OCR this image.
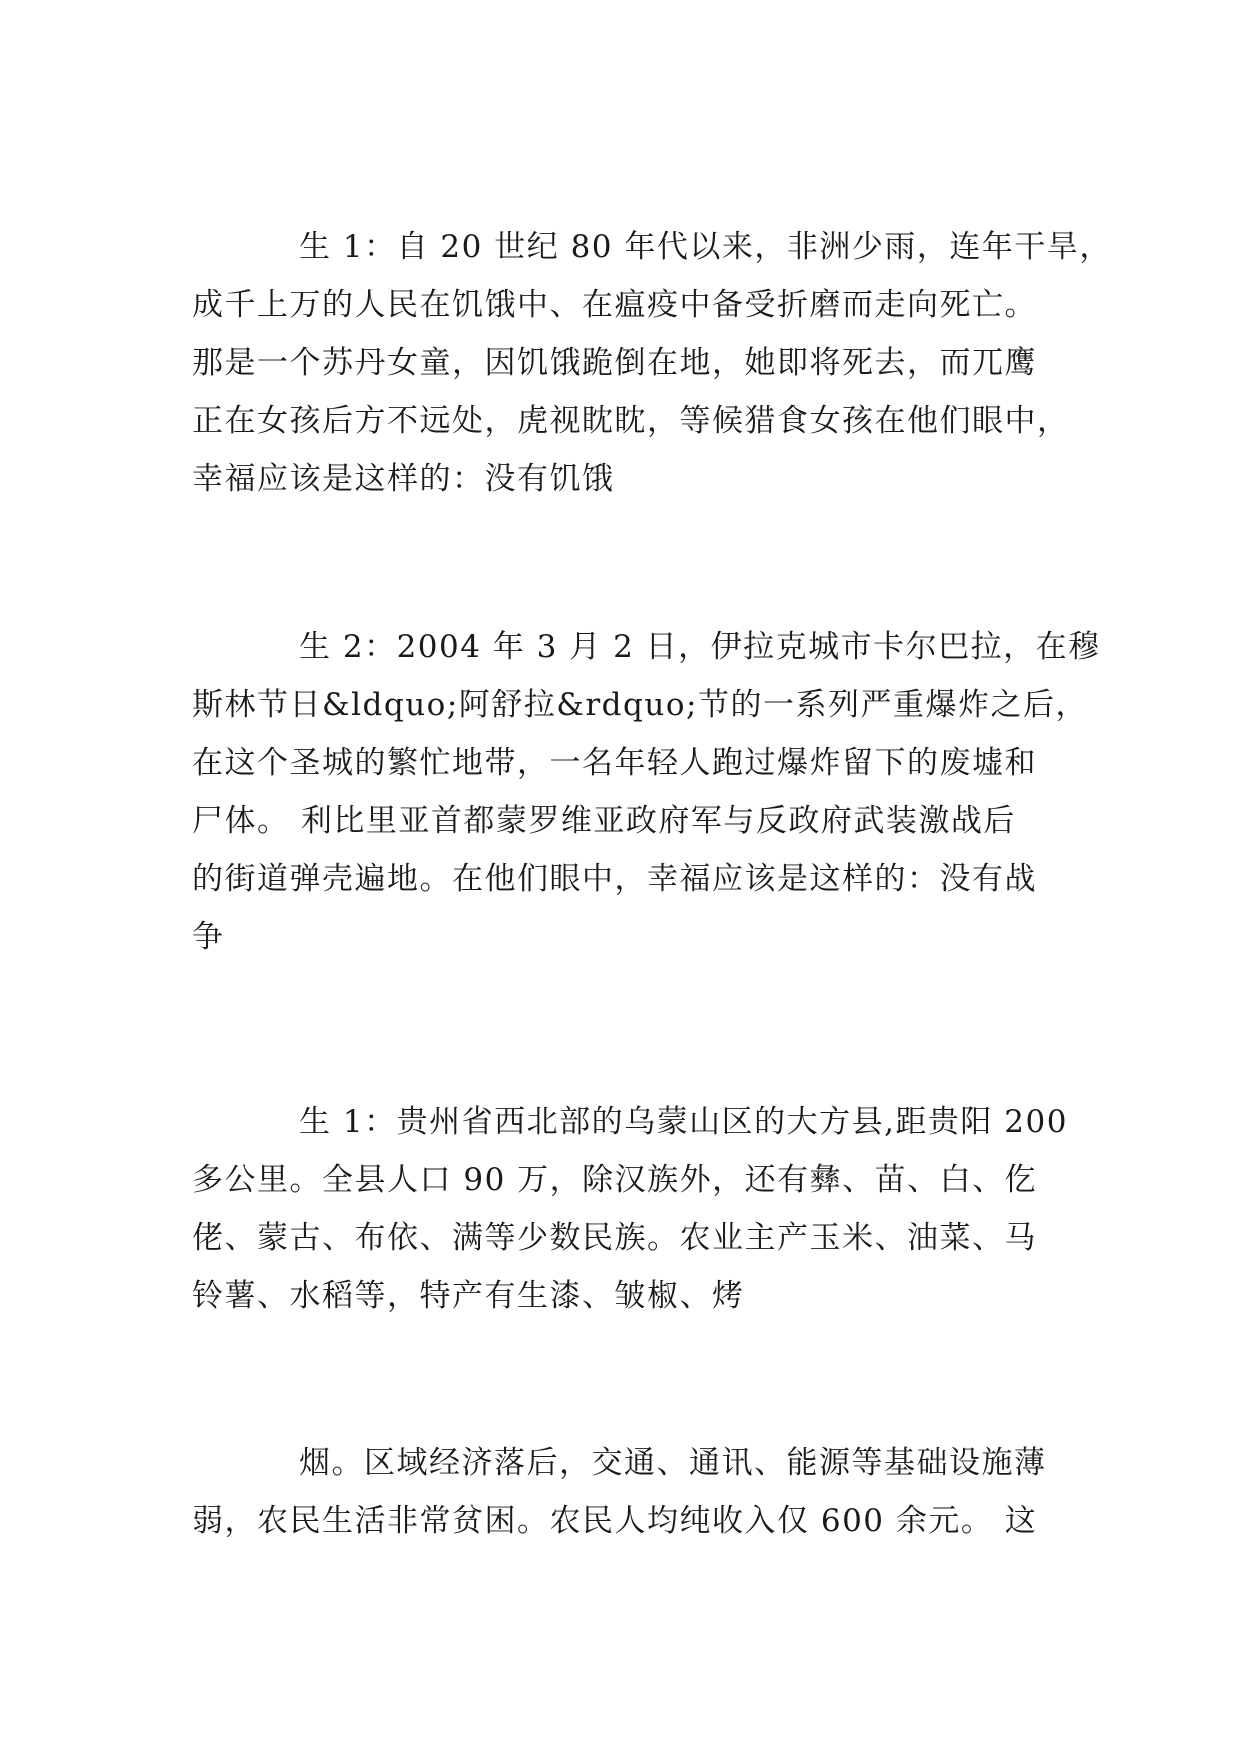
生 1：自 20 世纪 80 年代以来，非洲少雨，连年干旱，
成千上万的人民在饥饿中、在瘟疫中备受折磨而走向死亡。
那是一个苏丹女童，因饥饿跪倒在地，她即将死去，而兀鹰
正在女孩后方不远处，虎视眈眈，等候猎食女孩在他们眼中，
幸福应该是这样的：没有饥饿

生 2：2004 年 3 月 2 日，伊拉克城市卡尔巴拉，在穆
斯林节日&ldquo;阿舒拉&rdquo;节的一系列严重爆炸之后，
在这个圣城的繁忙地带，一名年轻人跑过爆炸留下的废墟和
尸体。 利比里亚首都蒙罗维亚政府军与反政府武装激战后
的街道弹壳遍地。在他们眼中，幸福应该是这样的：没有战
争

生 1：贵州省西北部的乌蒙山区的大方县,距贵阳 200
多公里。全县人口 90 万，除汉族外，还有彝、苗、白、仡
佬、蒙古、布依、满等少数民族。农业主产玉米、油菜、马
铃薯、水稻等，特产有生漆、皱椒、烤

烟。区域经济落后，交通、通讯、能源等基础设施薄
弱，农民生活非常贫困。农民人均纯收入仅 600 余元。 这
